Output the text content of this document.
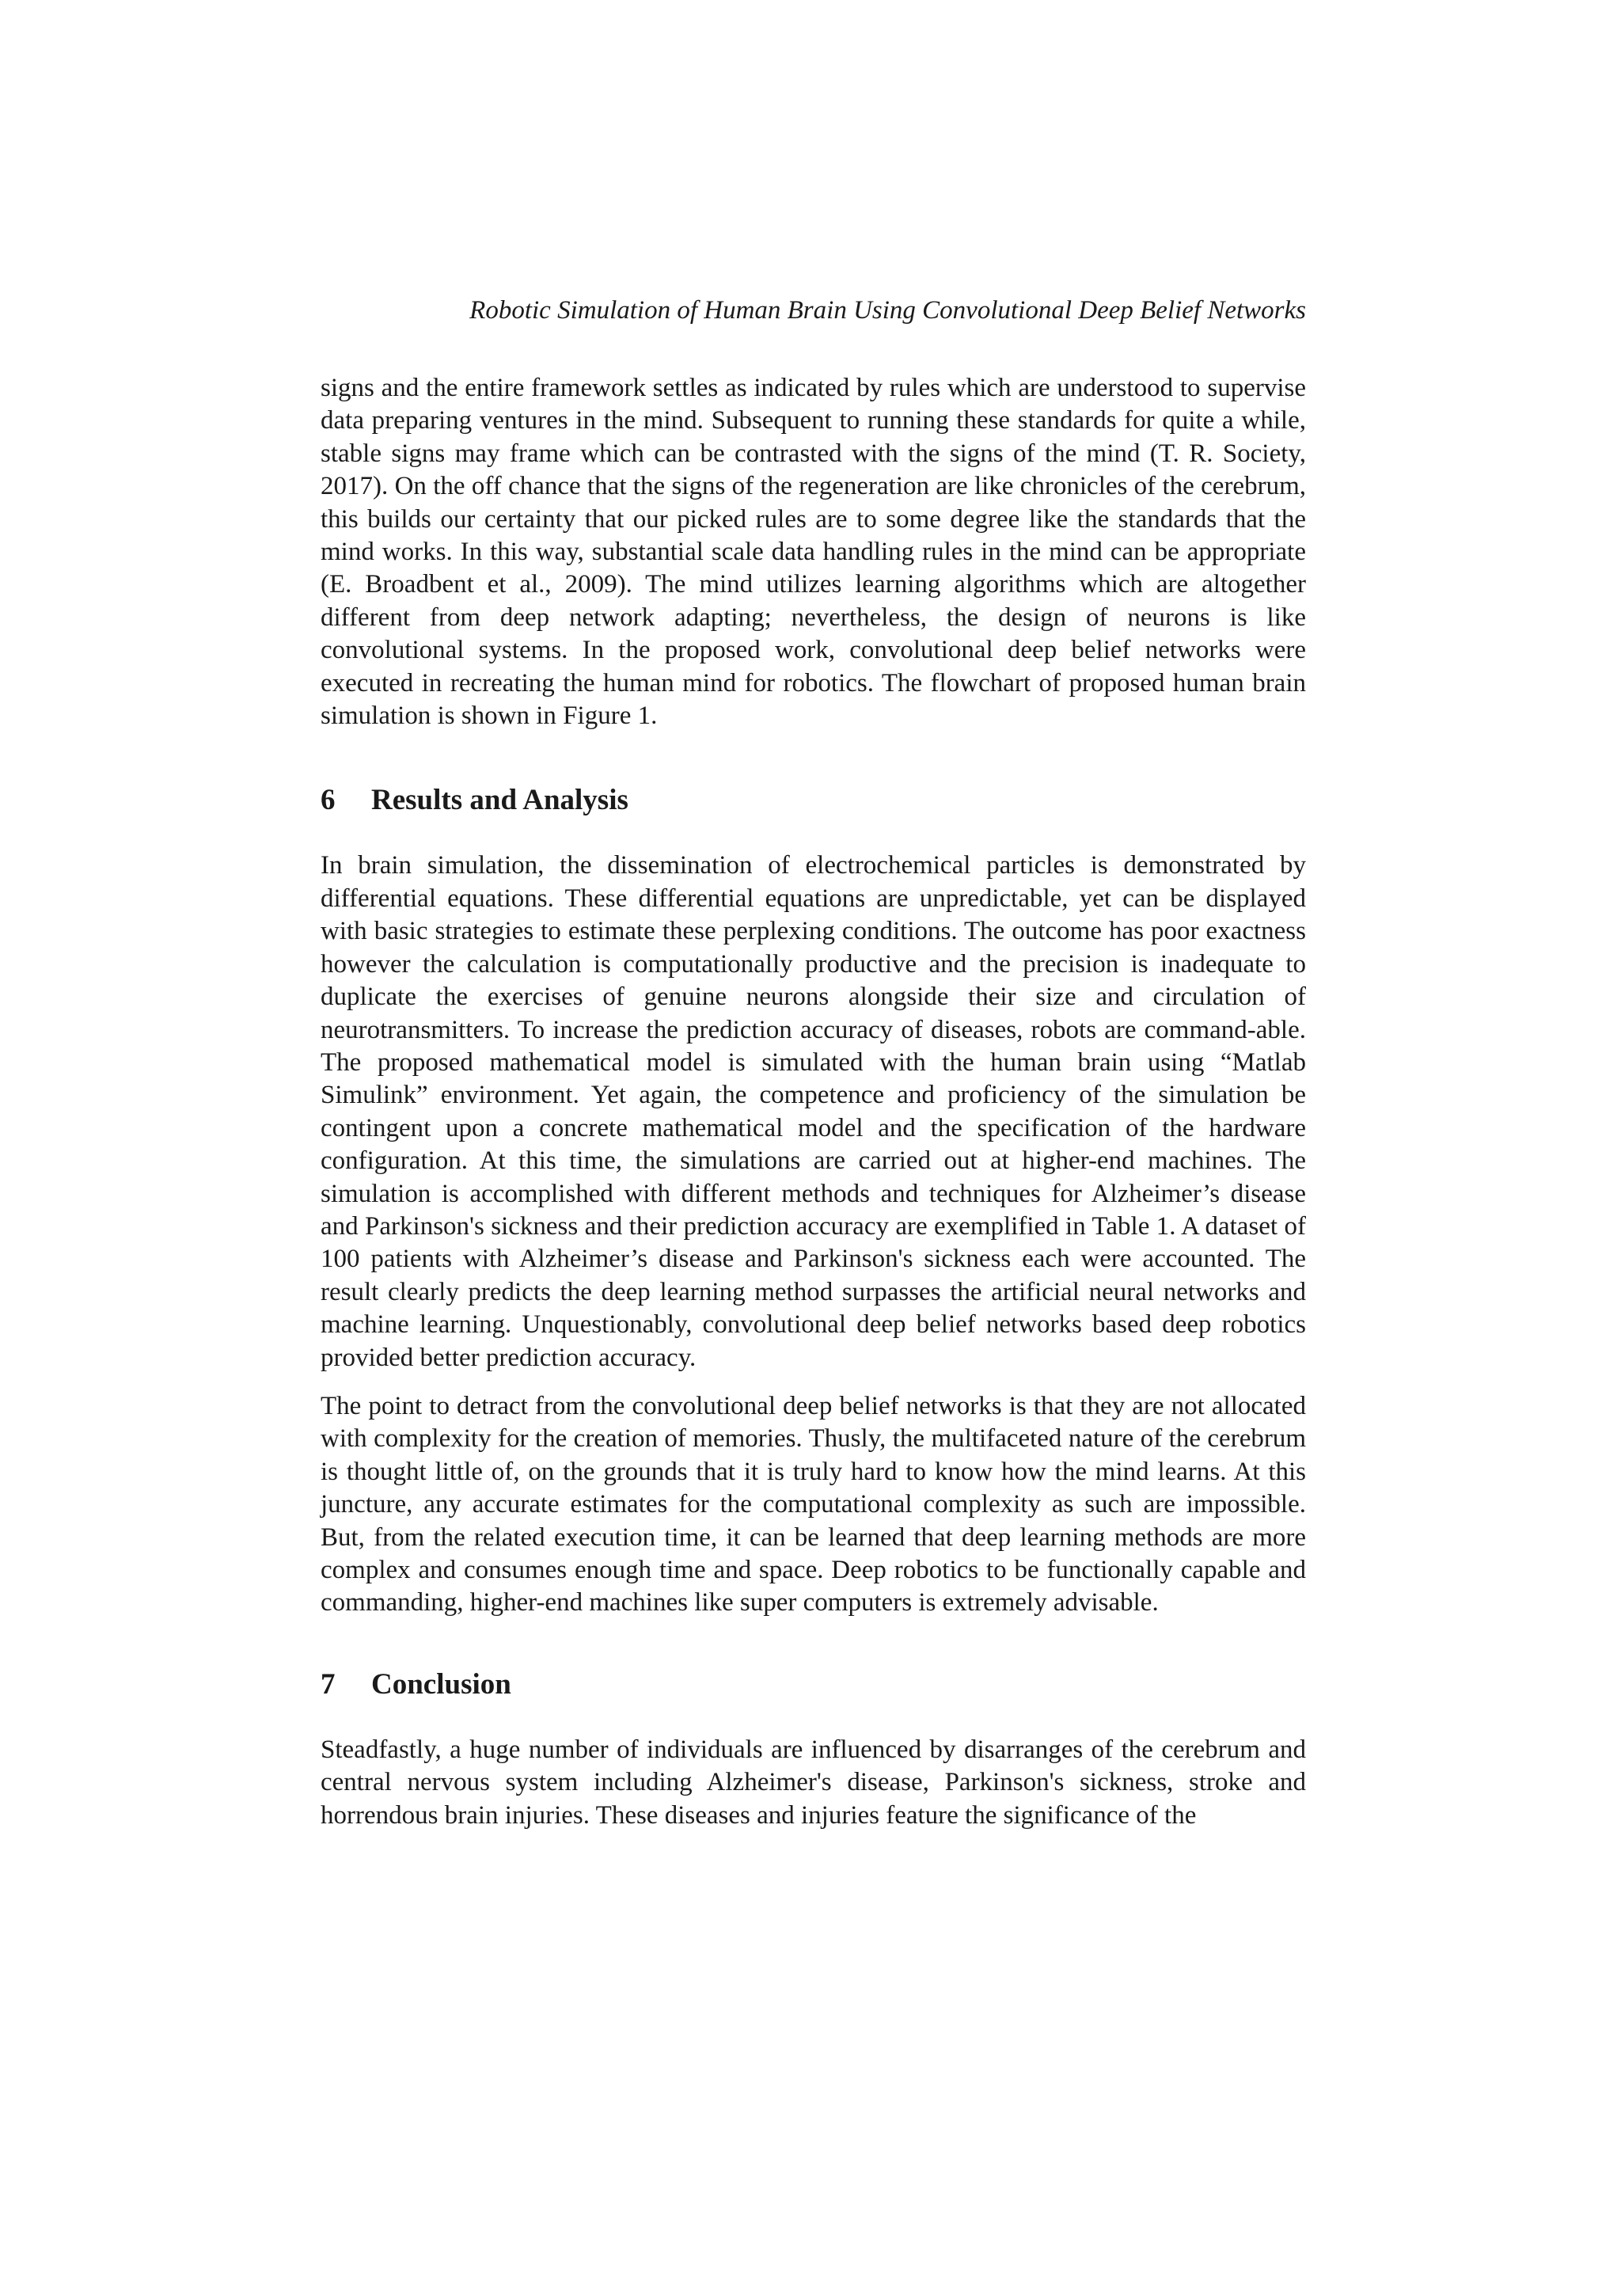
Robotic Simulation of Human Brain Using Convolutional Deep Belief Networks

signs and the entire framework settles as indicated by rules which are understood to supervise data preparing ventures in the mind. Subsequent to running these standards for quite a while, stable signs may frame which can be contrasted with the signs of the mind (T. R. Society, 2017). On the off chance that the signs of the regeneration are like chronicles of the cerebrum, this builds our certainty that our picked rules are to some degree like the standards that the mind works. In this way, substantial scale data handling rules in the mind can be appropriate (E. Broadbent et al., 2009). The mind utilizes learning algorithms which are altogether different from deep network adapting; nevertheless, the design of neurons is like convolutional systems. In the proposed work, convolutional deep belief networks were executed in recreating the human mind for robotics. The flowchart of proposed human brain simulation is shown in Figure 1.

6	Results and Analysis

In brain simulation, the dissemination of electrochemical particles is demonstrated by differential equations. These differential equations are unpredictable, yet can be displayed with basic strategies to estimate these perplexing conditions. The outcome has poor exactness however the calculation is computationally productive and the precision is inadequate to duplicate the exercises of genuine neurons alongside their size and circulation of neurotransmitters. To increase the prediction accuracy of diseases, robots are command-able. The proposed mathematical model is simulated with the human brain using “Matlab Simulink” environment. Yet again, the competence and proficiency of the simulation be contingent upon a concrete mathematical model and the specification of the hardware configuration. At this time, the simulations are carried out at higher-end machines. The simulation is accomplished with different methods and techniques for Alzheimer’s disease and Parkinson's sickness and their prediction accuracy are exemplified in Table 1. A dataset of 100 patients with Alzheimer’s disease and Parkinson's sickness each were accounted. The result clearly predicts the deep learning method surpasses the artificial neural networks and machine learning. Unquestionably, convolutional deep belief networks based deep robotics provided better prediction accuracy.

The point to detract from the convolutional deep belief networks is that they are not allocated with complexity for the creation of memories. Thusly, the multifaceted nature of the cerebrum is thought little of, on the grounds that it is truly hard to know how the mind learns. At this juncture, any accurate estimates for the computational complexity as such are impossible. But, from the related execution time, it can be learned that deep learning methods are more complex and consumes enough time and space. Deep robotics to be functionally capable and commanding, higher-end machines like super computers is extremely advisable.

7	Conclusion

Steadfastly, a huge number of individuals are influenced by disarranges of the cerebrum and central nervous system including Alzheimer's disease, Parkinson's sickness, stroke and horrendous brain injuries. These diseases and injuries feature the significance of the
